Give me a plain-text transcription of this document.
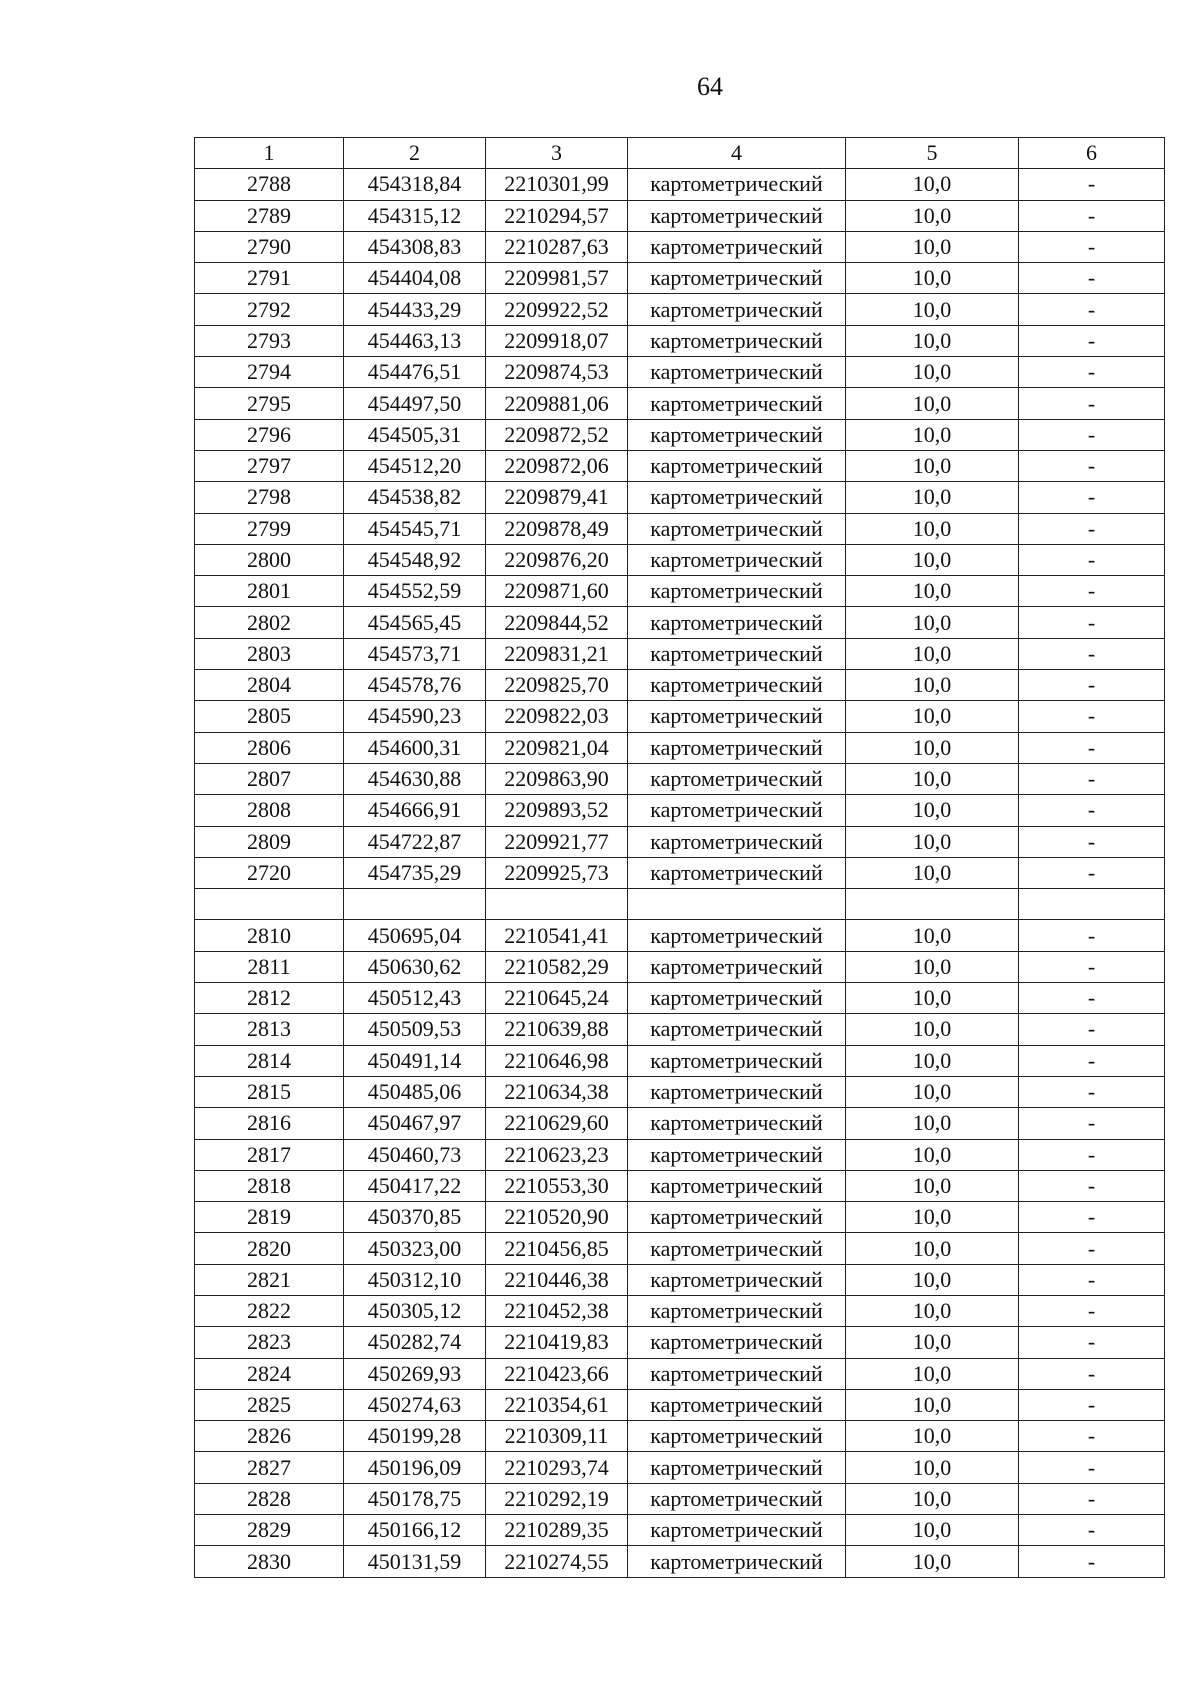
64
1	2	3	4	5	6
2788	454318,84	2210301,99	картометрический	10,0	-
2789	454315,12	2210294,57	картометрический	10,0	-
2790	454308,83	2210287,63	картометрический	10,0	-
2791	454404,08	2209981,57	картометрический	10,0	-
2792	454433,29	2209922,52	картометрический	10,0	-
2793	454463,13	2209918,07	картометрический	10,0	-
2794	454476,51	2209874,53	картометрический	10,0	-
2795	454497,50	2209881,06	картометрический	10,0	-
2796	454505,31	2209872,52	картометрический	10,0	-
2797	454512,20	2209872,06	картометрический	10,0	-
2798	454538,82	2209879,41	картометрический	10,0	-
2799	454545,71	2209878,49	картометрический	10,0	-
2800	454548,92	2209876,20	картометрический	10,0	-
2801	454552,59	2209871,60	картометрический	10,0	-
2802	454565,45	2209844,52	картометрический	10,0	-
2803	454573,71	2209831,21	картометрический	10,0	-
2804	454578,76	2209825,70	картометрический	10,0	-
2805	454590,23	2209822,03	картометрический	10,0	-
2806	454600,31	2209821,04	картометрический	10,0	-
2807	454630,88	2209863,90	картометрический	10,0	-
2808	454666,91	2209893,52	картометрический	10,0	-
2809	454722,87	2209921,77	картометрический	10,0	-
2720	454735,29	2209925,73	картометрический	10,0	-

2810	450695,04	2210541,41	картометрический	10,0	-
2811	450630,62	2210582,29	картометрический	10,0	-
2812	450512,43	2210645,24	картометрический	10,0	-
2813	450509,53	2210639,88	картометрический	10,0	-
2814	450491,14	2210646,98	картометрический	10,0	-
2815	450485,06	2210634,38	картометрический	10,0	-
2816	450467,97	2210629,60	картометрический	10,0	-
2817	450460,73	2210623,23	картометрический	10,0	-
2818	450417,22	2210553,30	картометрический	10,0	-
2819	450370,85	2210520,90	картометрический	10,0	-
2820	450323,00	2210456,85	картометрический	10,0	-
2821	450312,10	2210446,38	картометрический	10,0	-
2822	450305,12	2210452,38	картометрический	10,0	-
2823	450282,74	2210419,83	картометрический	10,0	-
2824	450269,93	2210423,66	картометрический	10,0	-
2825	450274,63	2210354,61	картометрический	10,0	-
2826	450199,28	2210309,11	картометрический	10,0	-
2827	450196,09	2210293,74	картометрический	10,0	-
2828	450178,75	2210292,19	картометрический	10,0	-
2829	450166,12	2210289,35	картометрический	10,0	-
2830	450131,59	2210274,55	картометрический	10,0	-
